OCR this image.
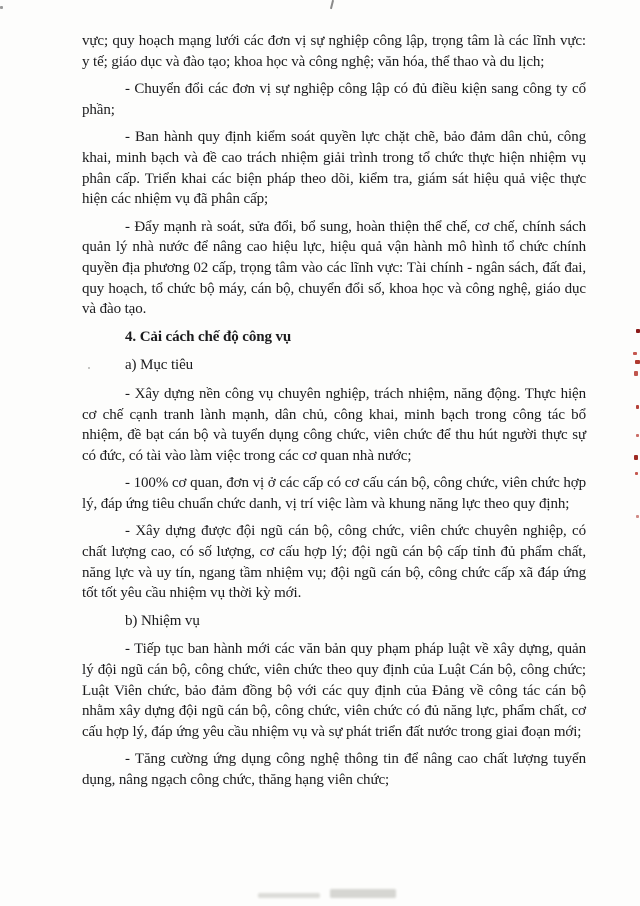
vực; quy hoạch mạng lưới các đơn vị sự nghiệp công lập, trọng tâm là các lĩnh vực: y tế; giáo dục và đào tạo; khoa học và công nghệ; văn hóa, thể thao và du lịch;

- Chuyển đổi các đơn vị sự nghiệp công lập có đủ điều kiện sang công ty cổ phần;

- Ban hành quy định kiểm soát quyền lực chặt chẽ, bảo đảm dân chủ, công khai, minh bạch và đề cao trách nhiệm giải trình trong tổ chức thực hiện nhiệm vụ phân cấp. Triển khai các biện pháp theo dõi, kiểm tra, giám sát hiệu quả việc thực hiện các nhiệm vụ đã phân cấp;

- Đẩy mạnh rà soát, sửa đổi, bổ sung, hoàn thiện thể chế, cơ chế, chính sách quản lý nhà nước để nâng cao hiệu lực, hiệu quả vận hành mô hình tổ chức chính quyền địa phương 02 cấp, trọng tâm vào các lĩnh vực: Tài chính - ngân sách, đất đai, quy hoạch, tổ chức bộ máy, cán bộ, chuyển đổi số, khoa học và công nghệ, giáo dục và đào tạo.

4. Cải cách chế độ công vụ

a) Mục tiêu

- Xây dựng nền công vụ chuyên nghiệp, trách nhiệm, năng động. Thực hiện cơ chế cạnh tranh lành mạnh, dân chủ, công khai, minh bạch trong công tác bổ nhiệm, đề bạt cán bộ và tuyển dụng công chức, viên chức để thu hút người thực sự có đức, có tài vào làm việc trong các cơ quan nhà nước;

- 100% cơ quan, đơn vị ở các cấp có cơ cấu cán bộ, công chức, viên chức hợp lý, đáp ứng tiêu chuẩn chức danh, vị trí việc làm và khung năng lực theo quy định;

- Xây dựng được đội ngũ cán bộ, công chức, viên chức chuyên nghiệp, có chất lượng cao, có số lượng, cơ cấu hợp lý; đội ngũ cán bộ cấp tỉnh đủ phẩm chất, năng lực và uy tín, ngang tầm nhiệm vụ; đội ngũ cán bộ, công chức cấp xã đáp ứng tốt tốt yêu cầu nhiệm vụ thời kỳ mới.

b) Nhiệm vụ

- Tiếp tục ban hành mới các văn bản quy phạm pháp luật về xây dựng, quản lý đội ngũ cán bộ, công chức, viên chức theo quy định của Luật Cán bộ, công chức; Luật Viên chức, bảo đảm đồng bộ với các quy định của Đảng về công tác cán bộ nhằm xây dựng đội ngũ cán bộ, công chức, viên chức có đủ năng lực, phẩm chất, cơ cấu hợp lý, đáp ứng yêu cầu nhiệm vụ và sự phát triển đất nước trong giai đoạn mới;

- Tăng cường ứng dụng công nghệ thông tin để nâng cao chất lượng tuyển dụng, nâng ngạch công chức, thăng hạng viên chức;
